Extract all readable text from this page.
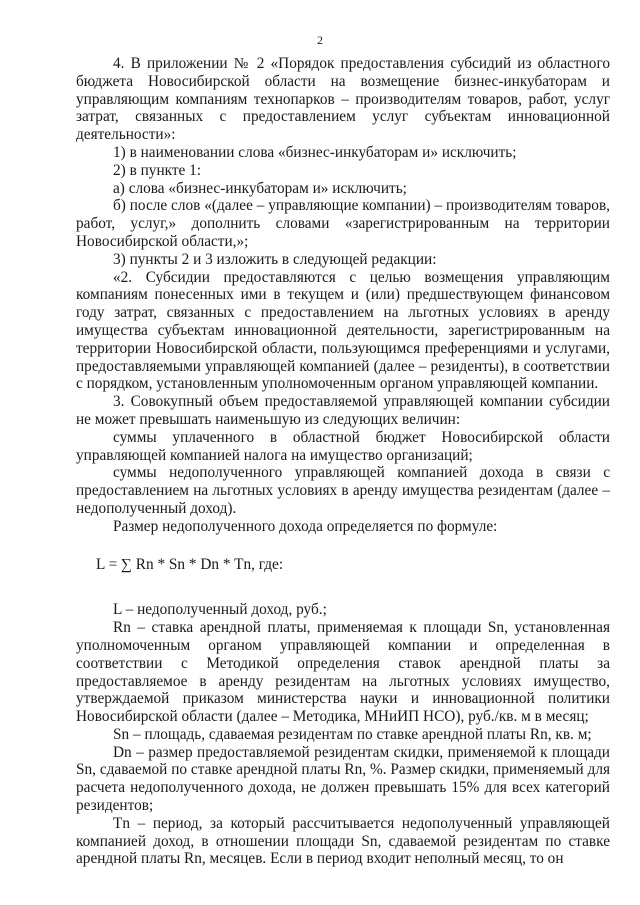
2

4. В приложении № 2 «Порядок предоставления субсидий из областного бюджета Новосибирской области на возмещение бизнес-инкубаторам и управляющим компаниям технопарков – производителям товаров, работ, услуг затрат, связанных с предоставлением услуг субъектам инновационной деятельности»:

1) в наименовании слова «бизнес-инкубаторам и» исключить;

2) в пункте 1:

а) слова «бизнес-инкубаторам и» исключить;

б) после слов «(далее – управляющие компании) – производителям товаров, работ, услуг,» дополнить словами «зарегистрированным на территории Новосибирской области,»;

3) пункты 2 и 3 изложить в следующей редакции:

«2. Субсидии предоставляются с целью возмещения управляющим компаниям понесенных ими в текущем и (или) предшествующем финансовом году затрат, связанных с предоставлением на льготных условиях в аренду имущества субъектам инновационной деятельности, зарегистрированным на территории Новосибирской области, пользующимся преференциями и услугами, предоставляемыми управляющей компанией (далее – резиденты), в соответствии с порядком, установленным уполномоченным органом управляющей компании.

3. Совокупный объем предоставляемой управляющей компании субсидии не может превышать наименьшую из следующих величин:

суммы уплаченного в областной бюджет Новосибирской области управляющей компанией налога на имущество организаций;

суммы недополученного управляющей компанией дохода в связи с предоставлением на льготных условиях в аренду имущества резидентам (далее – недополученный доход).

Размер недополученного дохода определяется по формуле:

L = ∑ Rn * Sn * Dn * Tn, где:

L – недополученный доход, руб.;

Rn – ставка арендной платы, применяемая к площади Sn, установленная уполномоченным органом управляющей компании и определенная в соответствии с Методикой определения ставок арендной платы за предоставляемое в аренду резидентам на льготных условиях имущество, утверждаемой приказом министерства науки и инновационной политики Новосибирской области (далее – Методика, МНиИП НСО), руб./кв. м в месяц;

Sn – площадь, сдаваемая резидентам по ставке арендной платы Rn, кв. м;

Dn – размер предоставляемой резидентам скидки, применяемой к площади Sn, сдаваемой по ставке арендной платы Rn, %. Размер скидки, применяемый для расчета недополученного дохода, не должен превышать 15% для всех категорий резидентов;

Tn – период, за который рассчитывается недополученный управляющей компанией доход, в отношении площади Sn, сдаваемой резидентам по ставке арендной платы Rn, месяцев. Если в период входит неполный месяц, то он
